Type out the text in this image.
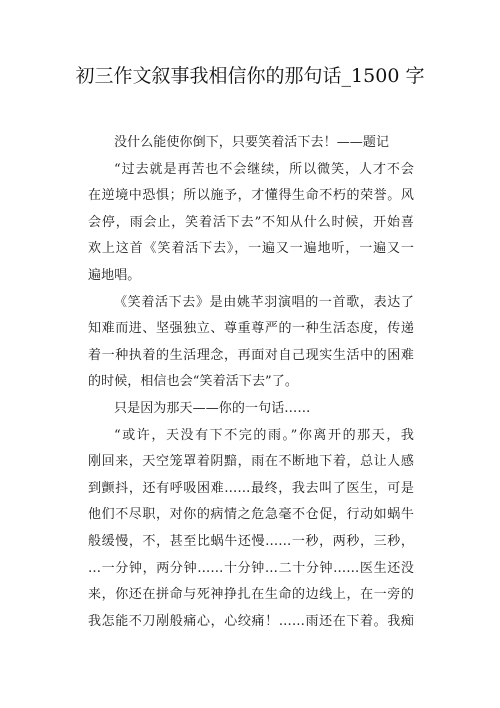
初三作文叙事我相信你的那句话_1500 字
没什么能使你倒下，只要笑着活下去！——题记
“过去就是再苦也不会继续，所以微笑，人才不会
在逆境中恐惧；所以施予，才懂得生命不朽的荣誉。风
会停，雨会止，笑着活下去”不知从什么时候，开始喜
欢上这首《笑着活下去》，一遍又一遍地听，一遍又一
遍地唱。
《笑着活下去》是由姚芊羽演唱的一首歌，表达了
知难而进、坚强独立、尊重尊严的一种生活态度，传递
着一种执着的生活理念，再面对自己现实生活中的困难
的时候，相信也会“笑着活下去”了。
只是因为那天——你的一句话……
“或许，天没有下不完的雨。”你离开的那天，我
刚回来，天空笼罩着阴黯，雨在不断地下着，总让人感
到颤抖，还有呼吸困难……最终，我去叫了医生，可是
他们不尽职，对你的病情之危急毫不仓促，行动如蜗牛
般缓慢，不，甚至比蜗牛还慢……一秒，两秒，三秒，
…一分钟，两分钟……十分钟…二十分钟……医生还没
来，你还在拼命与死神挣扎在生命的边线上，在一旁的
我怎能不刀剐般痛心，心绞痛！……雨还在下着。我痴
